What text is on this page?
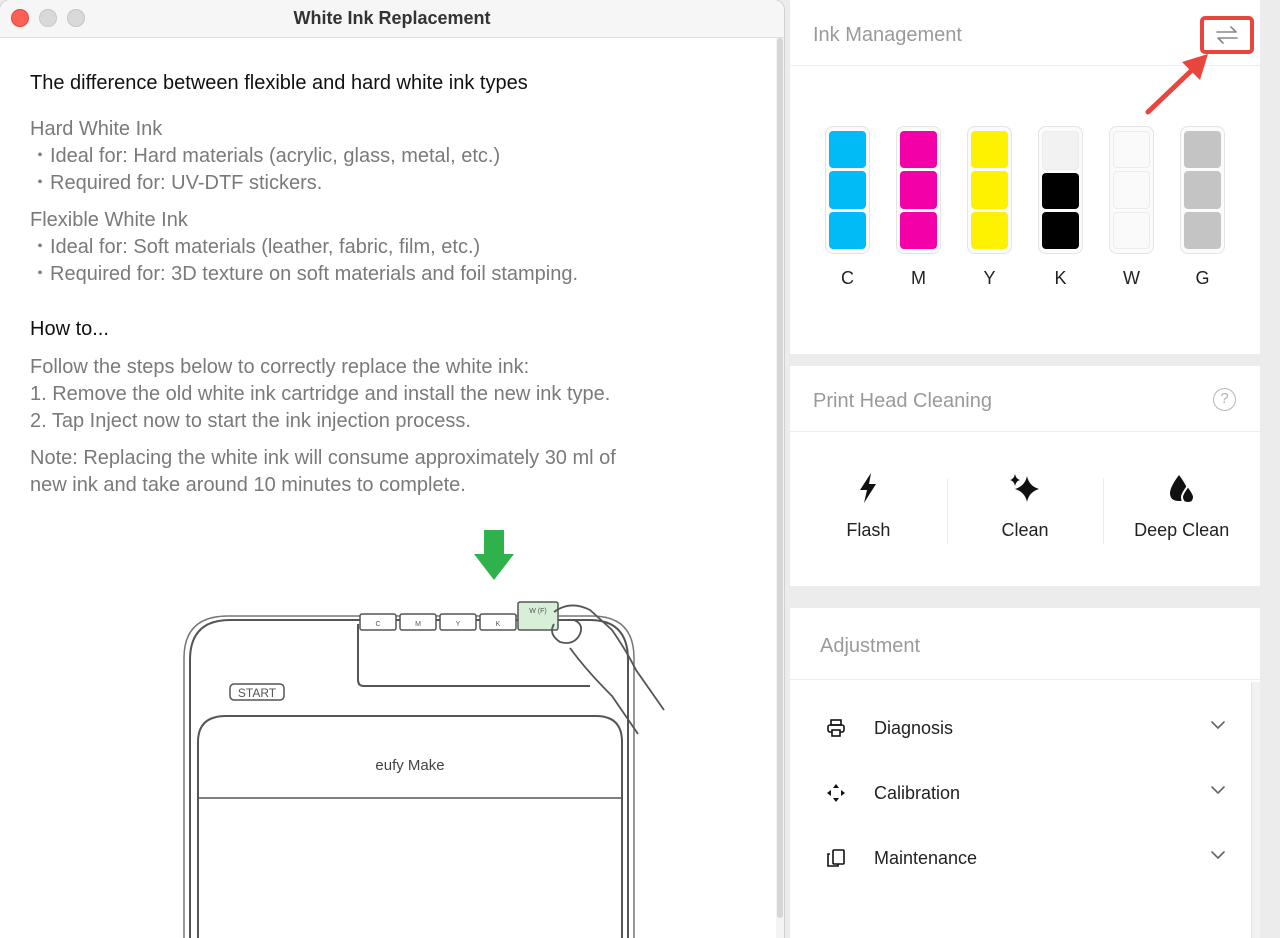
White Ink Replacement
The difference between flexible and hard white ink types
Hard White Ink
・Ideal for: Hard materials (acrylic, glass, metal, etc.)
・Required for: UV-DTF stickers.
Flexible White Ink
・Ideal for: Soft materials (leather, fabric, film, etc.)
・Required for: 3D texture on soft materials and foil stamping.
How to...
Follow the steps below to correctly replace the white ink:
1. Remove the old white ink cartridge and install the new ink type.
2. Tap Inject now to start the ink injection process.
Note: Replacing the white ink will consume approximately 30 ml of
new ink and take around 10 minutes to complete.
START
eufy Make
C	M	Y	K
W (F)
Ink Management
C	M	Y	K	W	G
Print Head Cleaning	?
Flash	Clean	Deep Clean
Adjustment
Diagnosis
Calibration
Maintenance
